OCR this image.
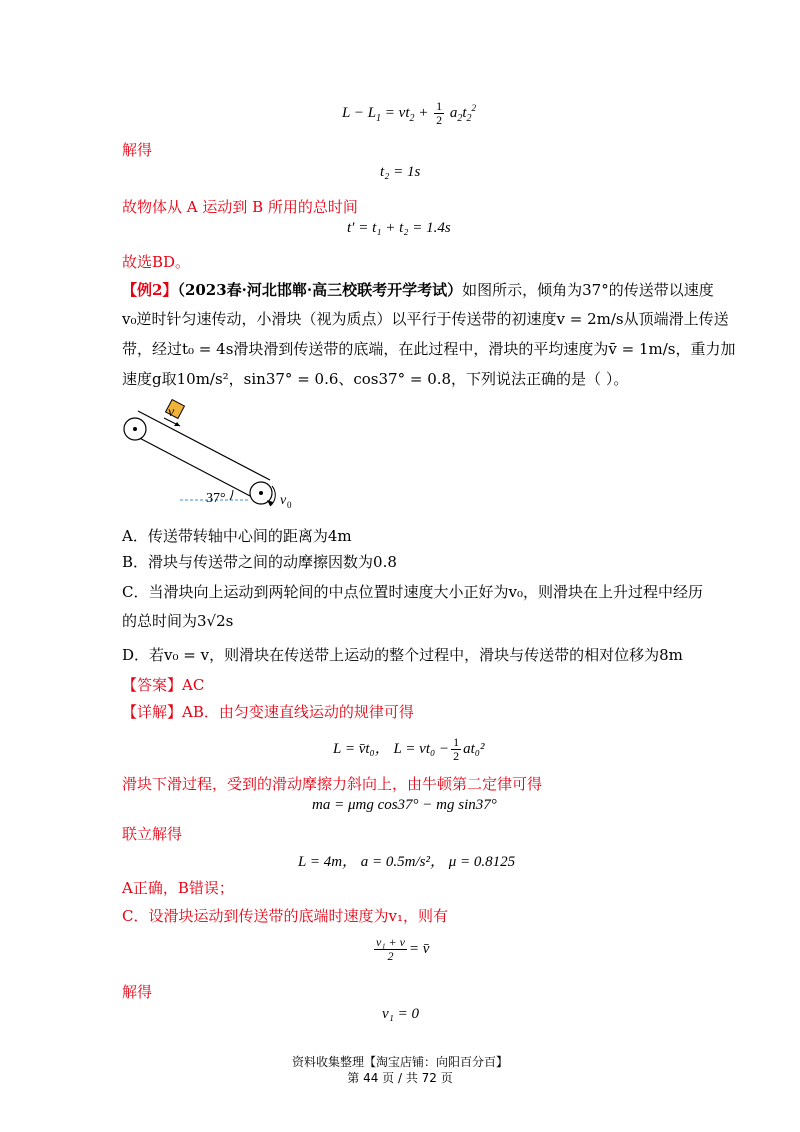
$L - L_1 = vt_2 + \frac{1}{2} a_2t_2^2$
解得
t₂ = 1s
故物体从 A 运动到 B 所用的总时间
t′ = t₁ + t₂ = 1.4s
故选BD。
【例2】（2023春·河北邯郸·高三校联考开学考试）如图所示，倾角为37°的传送带以速度
v₀逆时针匀速传动，小滑块（视为质点）以平行于传送带的初速度v = 2m/s从顶端滑上传送
带，经过t₀ = 4s滑块滑到传送带的底端，在此过程中，滑块的平均速度为v̄ = 1m/s，重力加
速度g取10m/s²，sin37° = 0.6、cos37° = 0.8，下列说法正确的是（ ）。
37°
v
v 0
A．传送带转轴中心间的距离为4m
B．滑块与传送带之间的动摩擦因数为0.8
C．当滑块向上运动到两轮间的中点位置时速度大小正好为v₀，则滑块在上升过程中经历
的总时间为3√2s
D．若v₀ = v，则滑块在传送带上运动的整个过程中，滑块与传送带的相对位移为8m
【答案】AC
【详解】AB．由匀变速直线运动的规律可得
L = v̄t₀， $L = vt_0 - \frac{1}{2} at_0^2$
滑块下滑过程，受到的滑动摩擦力斜向上，由牛顿第二定律可得
ma = μmg cos37° − mg sin37°
联立解得
L = 4m， a = 0.5m/s²， μ = 0.8125
A正确，B错误；
C．设滑块运动到传送带的底端时速度为v₁，则有
$\frac{\text{v₁ + v}}{2}$ = v̄
解得
v₁ = 0
资料收集整理【淘宝店铺：向阳百分百】
第 44 页 / 共 72 页
